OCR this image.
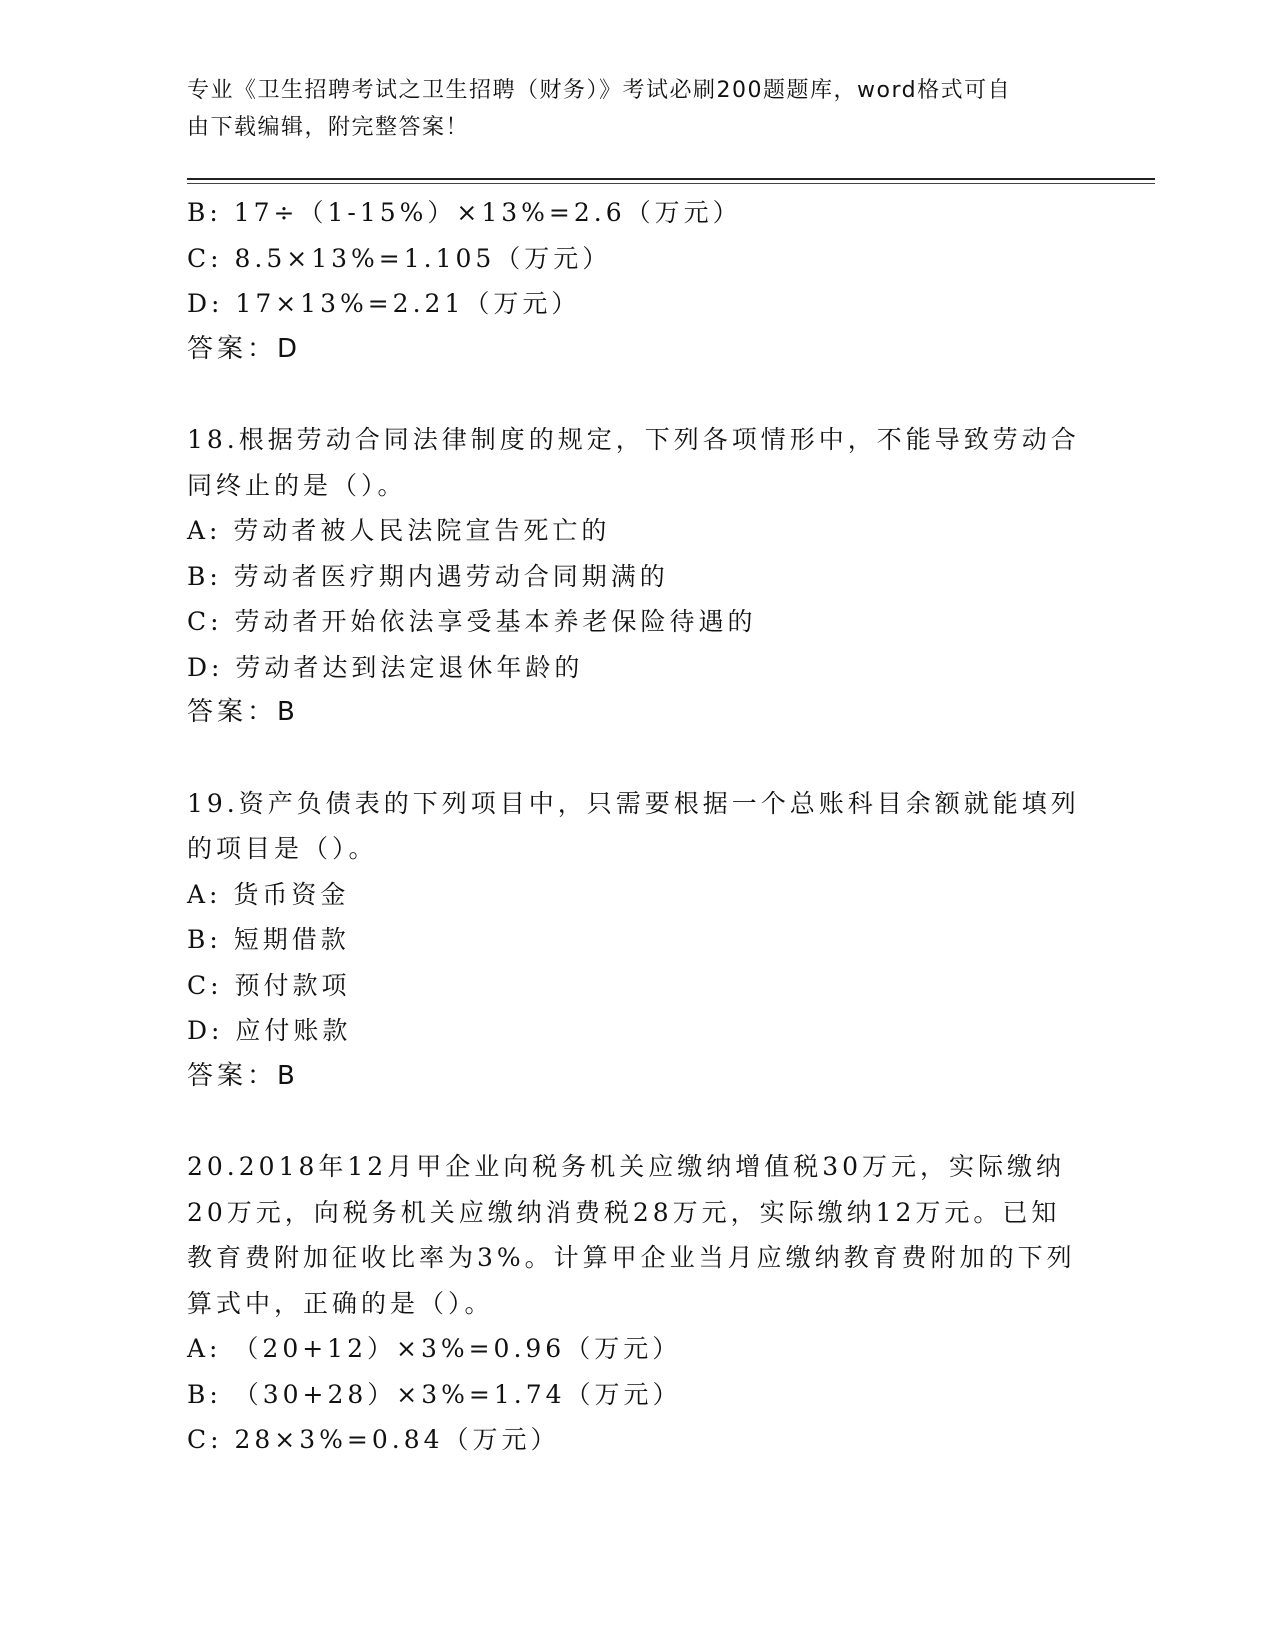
专业《卫生招聘考试之卫生招聘（财务）》考试必刷200题题库，word格式可自
由下载编辑，附完整答案！
B: 17÷（1-15%）×13%=2.6（万元）
C: 8.5×13%=1.105（万元）
D: 17×13%=2.21（万元）
答案：D
18.根据劳动合同法律制度的规定，下列各项情形中，不能导致劳动合
同终止的是（）。
A: 劳动者被人民法院宣告死亡的
B: 劳动者医疗期内遇劳动合同期满的
C: 劳动者开始依法享受基本养老保险待遇的
D: 劳动者达到法定退休年龄的
答案：B
19.资产负债表的下列项目中，只需要根据一个总账科目余额就能填列
的项目是（）。
A: 货币资金
B: 短期借款
C: 预付款项
D: 应付账款
答案：B
20.2018年12月甲企业向税务机关应缴纳增值税30万元，实际缴纳
20万元，向税务机关应缴纳消费税28万元，实际缴纳12万元。已知
教育费附加征收比率为3%。计算甲企业当月应缴纳教育费附加的下列
算式中，正确的是（）。
A: （20+12）×3%=0.96（万元）
B: （30+28）×3%=1.74（万元）
C: 28×3%=0.84（万元）
